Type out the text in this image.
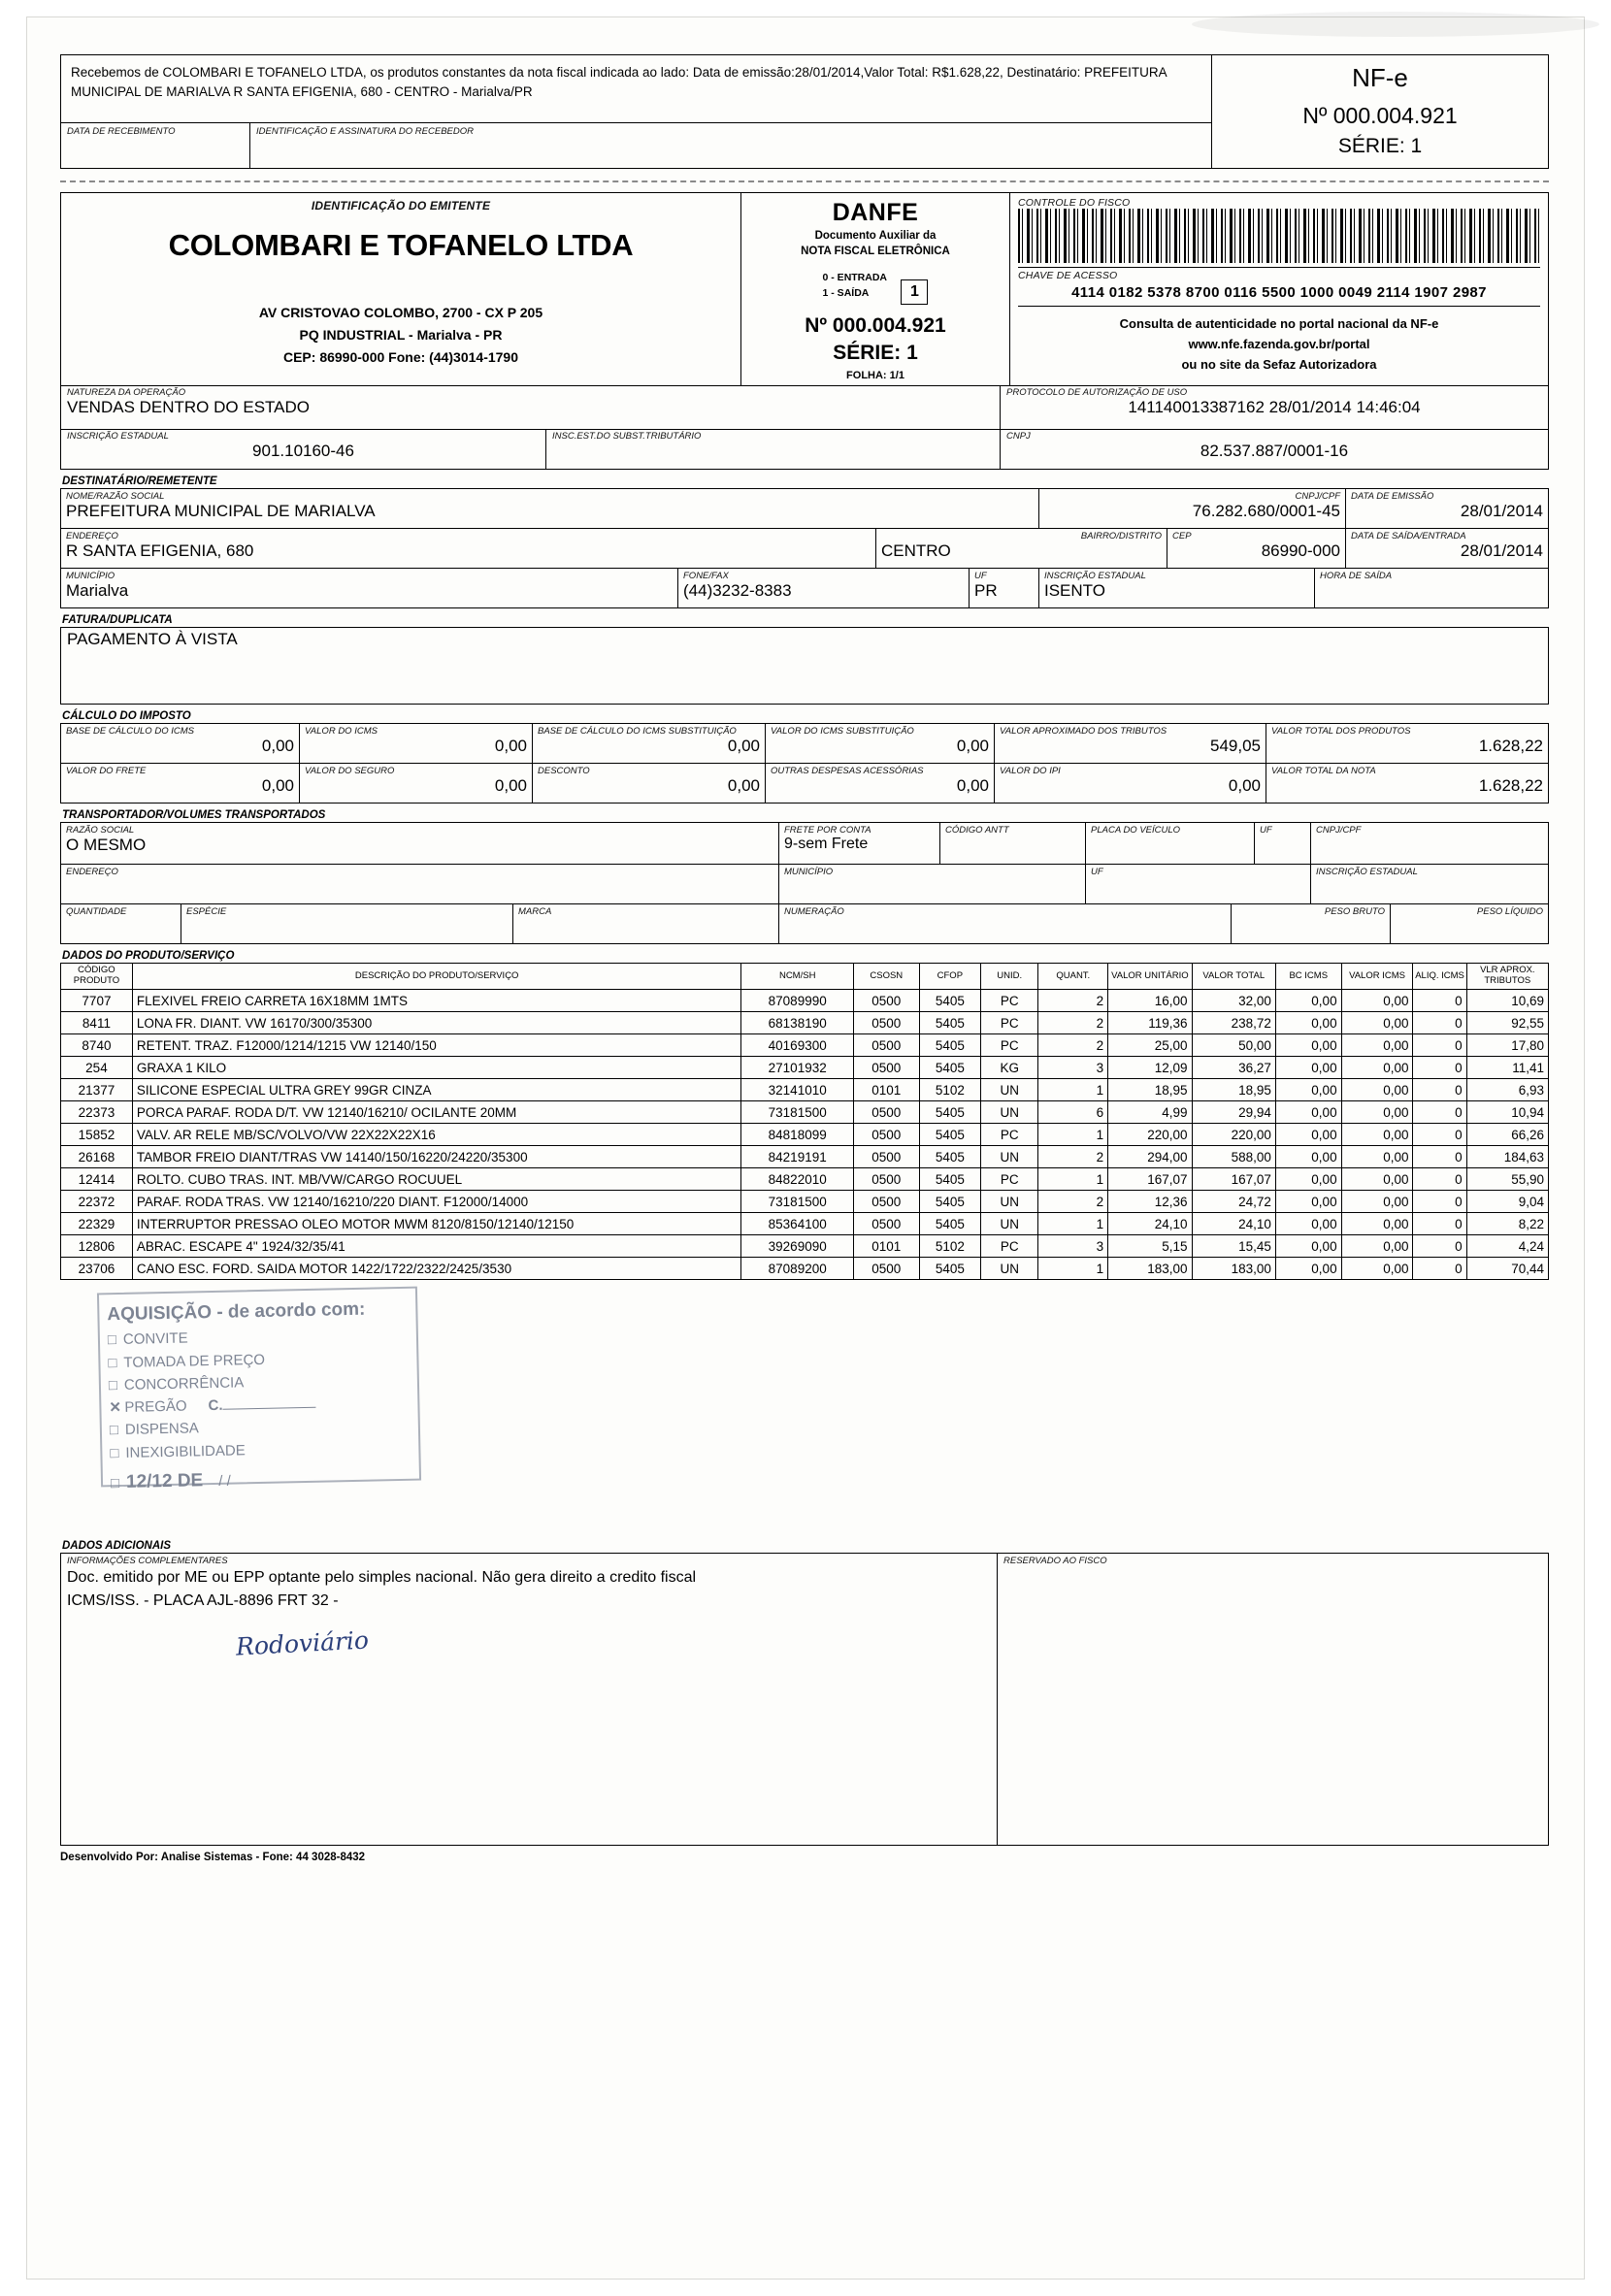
Recebemos de COLOMBARI E TOFANELO LTDA, os produtos constantes da nota fiscal indicada ao lado: Data de emissão:28/01/2014,Valor Total: R$1.628,22, Destinatário: PREFEITURA MUNICIPAL DE MARIALVA R SANTA EFIGENIA, 680 - CENTRO - Marialva/PR
DATA DE RECEBIMENTO	IDENTIFICAÇÃO E ASSINATURA DO RECEBEDOR
NF-e
Nº 000.004.921
SÉRIE: 1
IDENTIFICAÇÃO DO EMITENTE
COLOMBARI E TOFANELO LTDA
AV CRISTOVAO COLOMBO, 2700 - CX P 205
PQ INDUSTRIAL - Marialva - PR
CEP: 86990-000 Fone: (44)3014-1790
DANFE
Documento Auxiliar da
NOTA FISCAL ELETRÔNICA
0 - ENTRADA
1 - SAÍDA	1
Nº 000.004.921
SÉRIE: 1
FOLHA: 1/1
CONTROLE DO FISCO
CHAVE DE ACESSO
4114 0182 5378 8700 0116 5500 1000 0049 2114 1907 2987
Consulta de autenticidade no portal nacional da NF-e
www.nfe.fazenda.gov.br/portal
ou no site da Sefaz Autorizadora
NATUREZA DA OPERAÇÃO
VENDAS DENTRO DO ESTADO
PROTOCOLO DE AUTORIZAÇÃO DE USO
141140013387162 28/01/2014 14:46:04
INSCRIÇÃO ESTADUAL
901.10160-46
INSC.EST.DO SUBST.TRIBUTÁRIO	CNPJ
82.537.887/0001-16
DESTINATÁRIO/REMETENTE
NOME/RAZÃO SOCIAL
PREFEITURA MUNICIPAL DE MARIALVA
CNPJ/CPF
76.282.680/0001-45
DATA DE EMISSÃO
28/01/2014
ENDEREÇO
R SANTA EFIGENIA, 680
BAIRRO/DISTRITO
CENTRO
CEP
86990-000
DATA DE SAÍDA/ENTRADA
28/01/2014
MUNICÍPIO
Marialva
FONE/FAX
(44)3232-8383
UF
PR
INSCRIÇÃO ESTADUAL
ISENTO
HORA DE SAÍDA
FATURA/DUPLICATA
PAGAMENTO À VISTA
CÁLCULO DO IMPOSTO
BASE DE CÁLCULO DO ICMS
0,00
VALOR DO ICMS
0,00
BASE DE CÁLCULO DO ICMS SUBSTITUIÇÃO
0,00
VALOR DO ICMS SUBSTITUIÇÃO
0,00
VALOR APROXIMADO DOS TRIBUTOS
549,05
VALOR TOTAL DOS PRODUTOS
1.628,22
VALOR DO FRETE
0,00
VALOR DO SEGURO
0,00
DESCONTO
0,00
OUTRAS DESPESAS ACESSÓRIAS
0,00
VALOR DO IPI
0,00
VALOR TOTAL DA NOTA
1.628,22
TRANSPORTADOR/VOLUMES TRANSPORTADOS
RAZÃO SOCIAL
O MESMO
FRETE POR CONTA
9-sem Frete
CÓDIGO ANTT	PLACA DO VEÍCULO	UF	CNPJ/CPF
ENDEREÇO	MUNICÍPIO	UF	INSCRIÇÃO ESTADUAL
QUANTIDADE	ESPÉCIE	MARCA	NUMERAÇÃO	PESO BRUTO	PESO LÍQUIDO
DADOS DO PRODUTO/SERVIÇO
CÓDIGO PRODUTO	DESCRIÇÃO DO PRODUTO/SERVIÇO	NCM/SH	CSOSN	CFOP	UNID.	QUANT.	VALOR UNITÁRIO	VALOR TOTAL	BC ICMS	VALOR ICMS	ALIQ. ICMS	VLR APROX. TRIBUTOS
7707	FLEXIVEL FREIO CARRETA 16X18MM 1MTS	87089990	0500	5405	PC	2	16,00	32,00	0,00	0,00	0	10,69
8411	LONA FR. DIANT. VW 16170/300/35300	68138190	0500	5405	PC	2	119,36	238,72	0,00	0,00	0	92,55
8740	RETENT. TRAZ. F12000/1214/1215 VW 12140/150	40169300	0500	5405	PC	2	25,00	50,00	0,00	0,00	0	17,80
254	GRAXA 1 KILO	27101932	0500	5405	KG	3	12,09	36,27	0,00	0,00	0	11,41
21377	SILICONE ESPECIAL ULTRA GREY 99GR CINZA	32141010	0101	5102	UN	1	18,95	18,95	0,00	0,00	0	6,93
22373	PORCA PARAF. RODA D/T. VW 12140/16210/ OCILANTE 20MM	73181500	0500	5405	UN	6	4,99	29,94	0,00	0,00	0	10,94
15852	VALV. AR RELE MB/SC/VOLVO/VW 22X22X22X16	84818099	0500	5405	PC	1	220,00	220,00	0,00	0,00	0	66,26
26168	TAMBOR FREIO DIANT/TRAS VW 14140/150/16220/24220/35300	84219191	0500	5405	UN	2	294,00	588,00	0,00	0,00	0	184,63
12414	ROLTO. CUBO TRAS. INT. MB/VW/CARGO ROCUUEL	84822010	0500	5405	PC	1	167,07	167,07	0,00	0,00	0	55,90
22372	PARAF. RODA TRAS. VW 12140/16210/220 DIANT. F12000/14000	73181500	0500	5405	UN	2	12,36	24,72	0,00	0,00	0	9,04
22329	INTERRUPTOR PRESSAO OLEO MOTOR MWM 8120/8150/12140/12150	85364100	0500	5405	UN	1	24,10	24,10	0,00	0,00	0	8,22
12806	ABRAC. ESCAPE 4" 1924/32/35/41	39269090	0101	5102	PC	3	5,15	15,45	0,00	0,00	0	4,24
23706	CANO ESC. FORD. SAIDA MOTOR 1422/1722/2322/2425/3530	87089200	0500	5405	UN	1	183,00	183,00	0,00	0,00	0	70,44
AQUISIÇÃO - de acordo com:
□ CONVITE
□ TOMADA DE PREÇO
□ CONCORRÊNCIA
✕ PREGÃO C.
□ DISPENSA
□ INEXIGIBILIDADE
□ 12/12 DE / /
DADOS ADICIONAIS
INFORMAÇÕES COMPLEMENTARES
Doc. emitido por ME ou EPP optante pelo simples nacional. Não gera direito a credito fiscal
ICMS/ISS. - PLACA AJL-8896 FRT 32 -
Rodoviário
RESERVADO AO FISCO
Desenvolvido Por: Analise Sistemas - Fone: 44 3028-8432
